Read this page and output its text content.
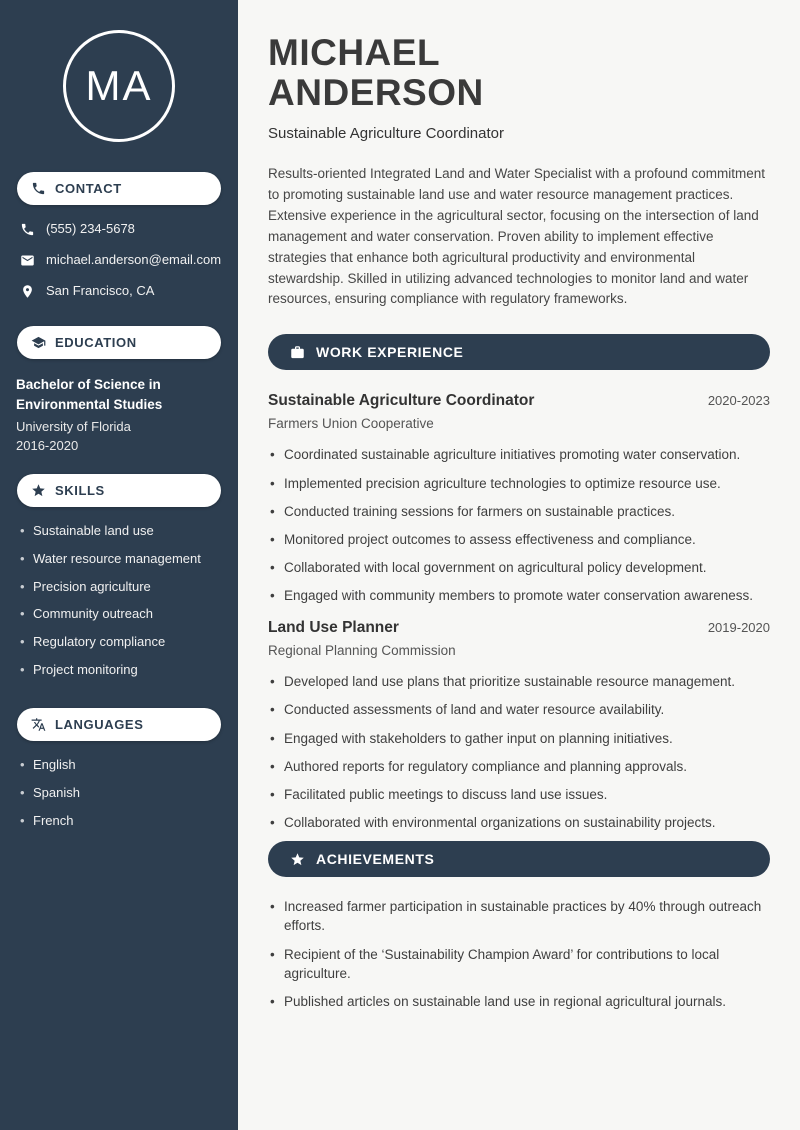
MA
CONTACT
(555) 234-5678
michael.anderson@email.com
San Francisco, CA
EDUCATION
Bachelor of Science in Environmental Studies
University of Florida
2016-2020
SKILLS
• Sustainable land use
• Water resource management
• Precision agriculture
• Community outreach
• Regulatory compliance
• Project monitoring
LANGUAGES
• English
• Spanish
• French
MICHAEL
ANDERSON
Sustainable Agriculture Coordinator

Results-oriented Integrated Land and Water Specialist with a profound commitment to promoting sustainable land use and water resource management practices. Extensive experience in the agricultural sector, focusing on the intersection of land management and water conservation. Proven ability to implement effective strategies that enhance both agricultural productivity and environmental stewardship. Skilled in utilizing advanced technologies to monitor land and water resources, ensuring compliance with regulatory frameworks.

WORK EXPERIENCE
Sustainable Agriculture Coordinator	2020-2023
Farmers Union Cooperative
• Coordinated sustainable agriculture initiatives promoting water conservation.
• Implemented precision agriculture technologies to optimize resource use.
• Conducted training sessions for farmers on sustainable practices.
• Monitored project outcomes to assess effectiveness and compliance.
• Collaborated with local government on agricultural policy development.
• Engaged with community members to promote water conservation awareness.
Land Use Planner	2019-2020
Regional Planning Commission
• Developed land use plans that prioritize sustainable resource management.
• Conducted assessments of land and water resource availability.
• Engaged with stakeholders to gather input on planning initiatives.
• Authored reports for regulatory compliance and planning approvals.
• Facilitated public meetings to discuss land use issues.
• Collaborated with environmental organizations on sustainability projects.
ACHIEVEMENTS
• Increased farmer participation in sustainable practices by 40% through outreach efforts.
• Recipient of the ‘Sustainability Champion Award’ for contributions to local agriculture.
• Published articles on sustainable land use in regional agricultural journals.
